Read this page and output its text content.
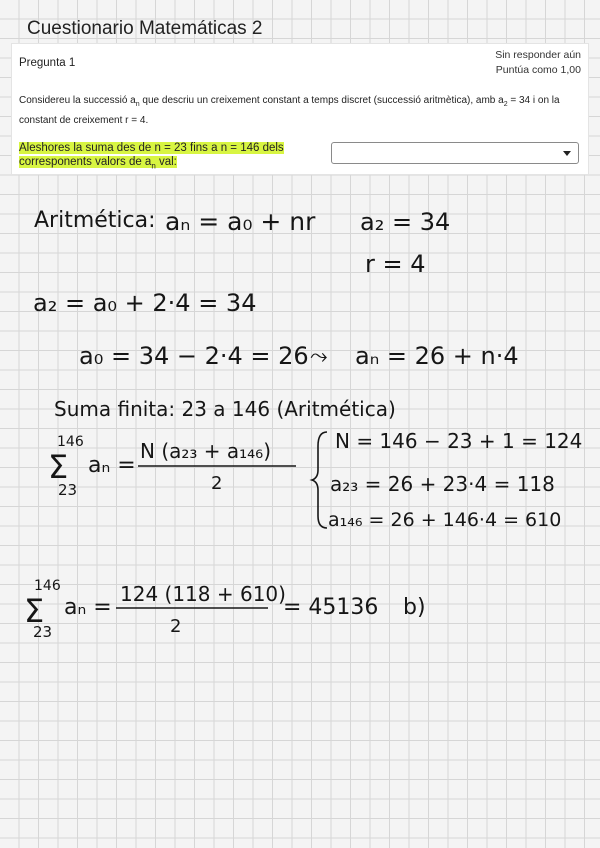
Cuestionario Matemáticas 2
Pregunta 1
Sin responder aún
Puntúa como 1,00
Considereu la successió $a_n$ que descriu un creixement constant a temps discret (successió aritmètica), amb $a_2 = 34$ i on la constant de creixement r = 4.
Aleshores la suma des de n = 23 fins a n = 146 dels corresponents valors de $a_n$ val:
Aritmética: aₙ = a₀ + nr a₂ = 34
r = 4
a₂ = a₀ + 2·4 = 34
a₀ = 34 − 2·4 = 26 ⤳ aₙ = 26 + n·4
Suma finita: 23 a 146 (Aritmética)
146
Σ
23
aₙ =
N (a₂₃ + a₁₄₆)
2
N = 146 − 23 + 1 = 124
a₂₃ = 26 + 23·4 = 118
a₁₄₆ = 26 + 146·4 = 610
146
Σ
23
aₙ =
124 (118 + 610)
2
= 45136 b)
